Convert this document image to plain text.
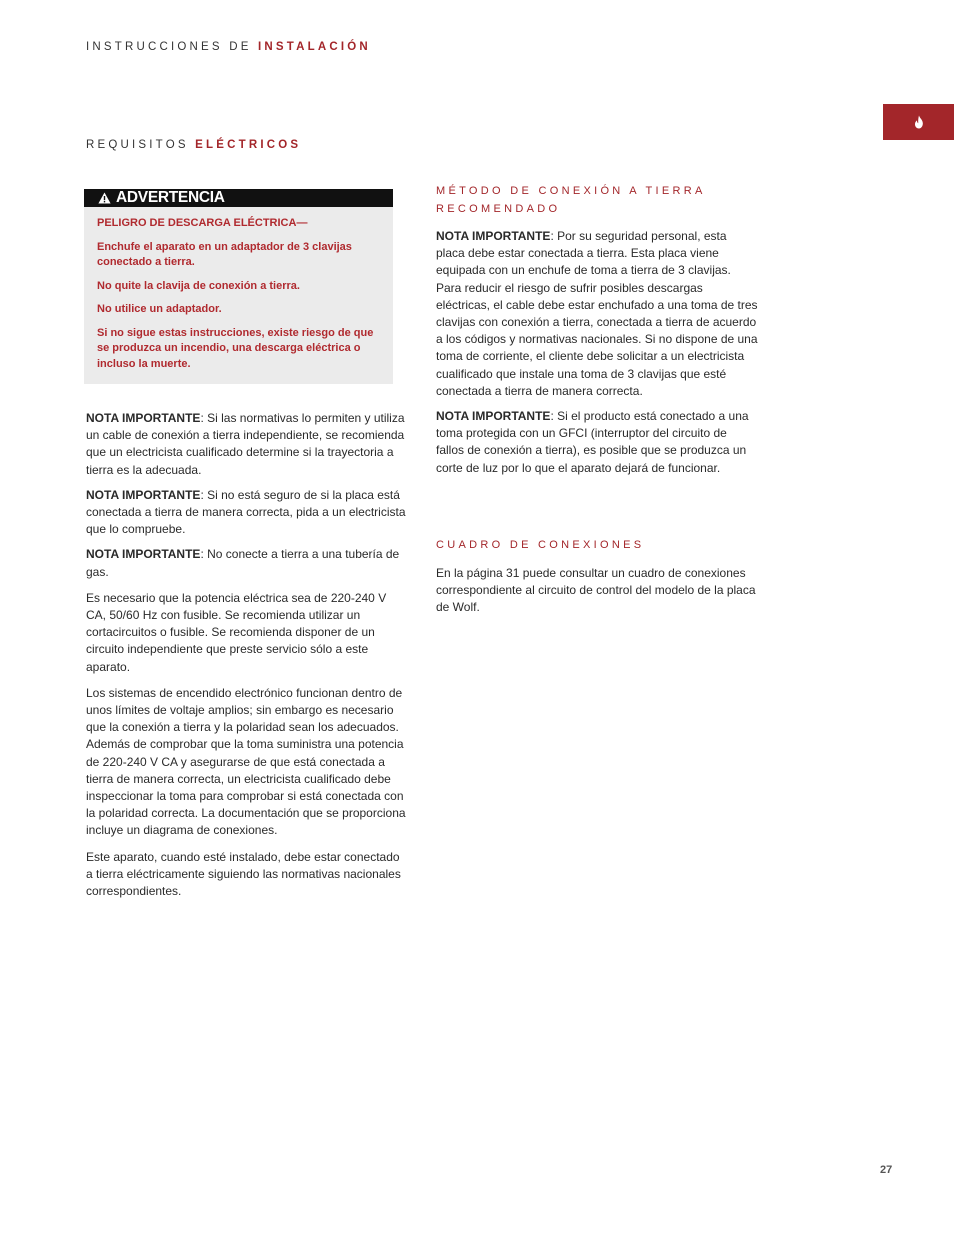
INSTRUCCIONES DE INSTALACIÓN
REQUISITOS ELÉCTRICOS
ADVERTENCIA

PELIGRO DE DESCARGA ELÉCTRICA—

Enchufe el aparato en un adaptador de 3 clavijas conectado a tierra.

No quite la clavija de conexión a tierra.

No utilice un adaptador.

Si no sigue estas instrucciones, existe riesgo de que se produzca un incendio, una descarga eléctrica o incluso la muerte.

NOTA IMPORTANTE: Si las normativas lo permiten y utiliza un cable de conexión a tierra independiente, se recomienda que un electricista cualificado determine si la trayectoria a tierra es la adecuada.

NOTA IMPORTANTE: Si no está seguro de si la placa está conectada a tierra de manera correcta, pida a un electricista que lo compruebe.

NOTA IMPORTANTE: No conecte a tierra a una tubería de gas.

Es necesario que la potencia eléctrica sea de 220-240 V CA, 50/60 Hz con fusible. Se recomienda utilizar un cortacircuitos o fusible. Se recomienda disponer de un circuito independiente que preste servicio sólo a este aparato.

Los sistemas de encendido electrónico funcionan dentro de unos límites de voltaje amplios; sin embargo es necesario que la conexión a tierra y la polaridad sean los adecuados. Además de comprobar que la toma suministra una potencia de 220-240 V CA y asegurarse de que está conectada a tierra de manera correcta, un electricista cualificado debe inspeccionar la toma para comprobar si está conectada con la polaridad correcta. La documentación que se proporciona incluye un diagrama de conexiones.

Este aparato, cuando esté instalado, debe estar conectado a tierra eléctricamente siguiendo las normativas nacionales correspondientes.

MÉTODO DE CONEXIÓN A TIERRA
RECOMENDADO

NOTA IMPORTANTE: Por su seguridad personal, esta placa debe estar conectada a tierra. Esta placa viene equipada con un enchufe de toma a tierra de 3 clavijas. Para reducir el riesgo de sufrir posibles descargas eléctricas, el cable debe estar enchufado a una toma de tres clavijas con conexión a tierra, conectada a tierra de acuerdo a los códigos y normativas nacionales. Si no dispone de una toma de corriente, el cliente debe solicitar a un electricista cualificado que instale una toma de 3 clavijas que esté conectada a tierra de manera correcta.

NOTA IMPORTANTE: Si el producto está conectado a una toma protegida con un GFCI (interruptor del circuito de fallos de conexión a tierra), es posible que se produzca un corte de luz por lo que el aparato dejará de funcionar.

CUADRO DE CONEXIONES

En la página 31 puede consultar un cuadro de conexiones correspondiente al circuito de control del modelo de la placa de Wolf.

27
